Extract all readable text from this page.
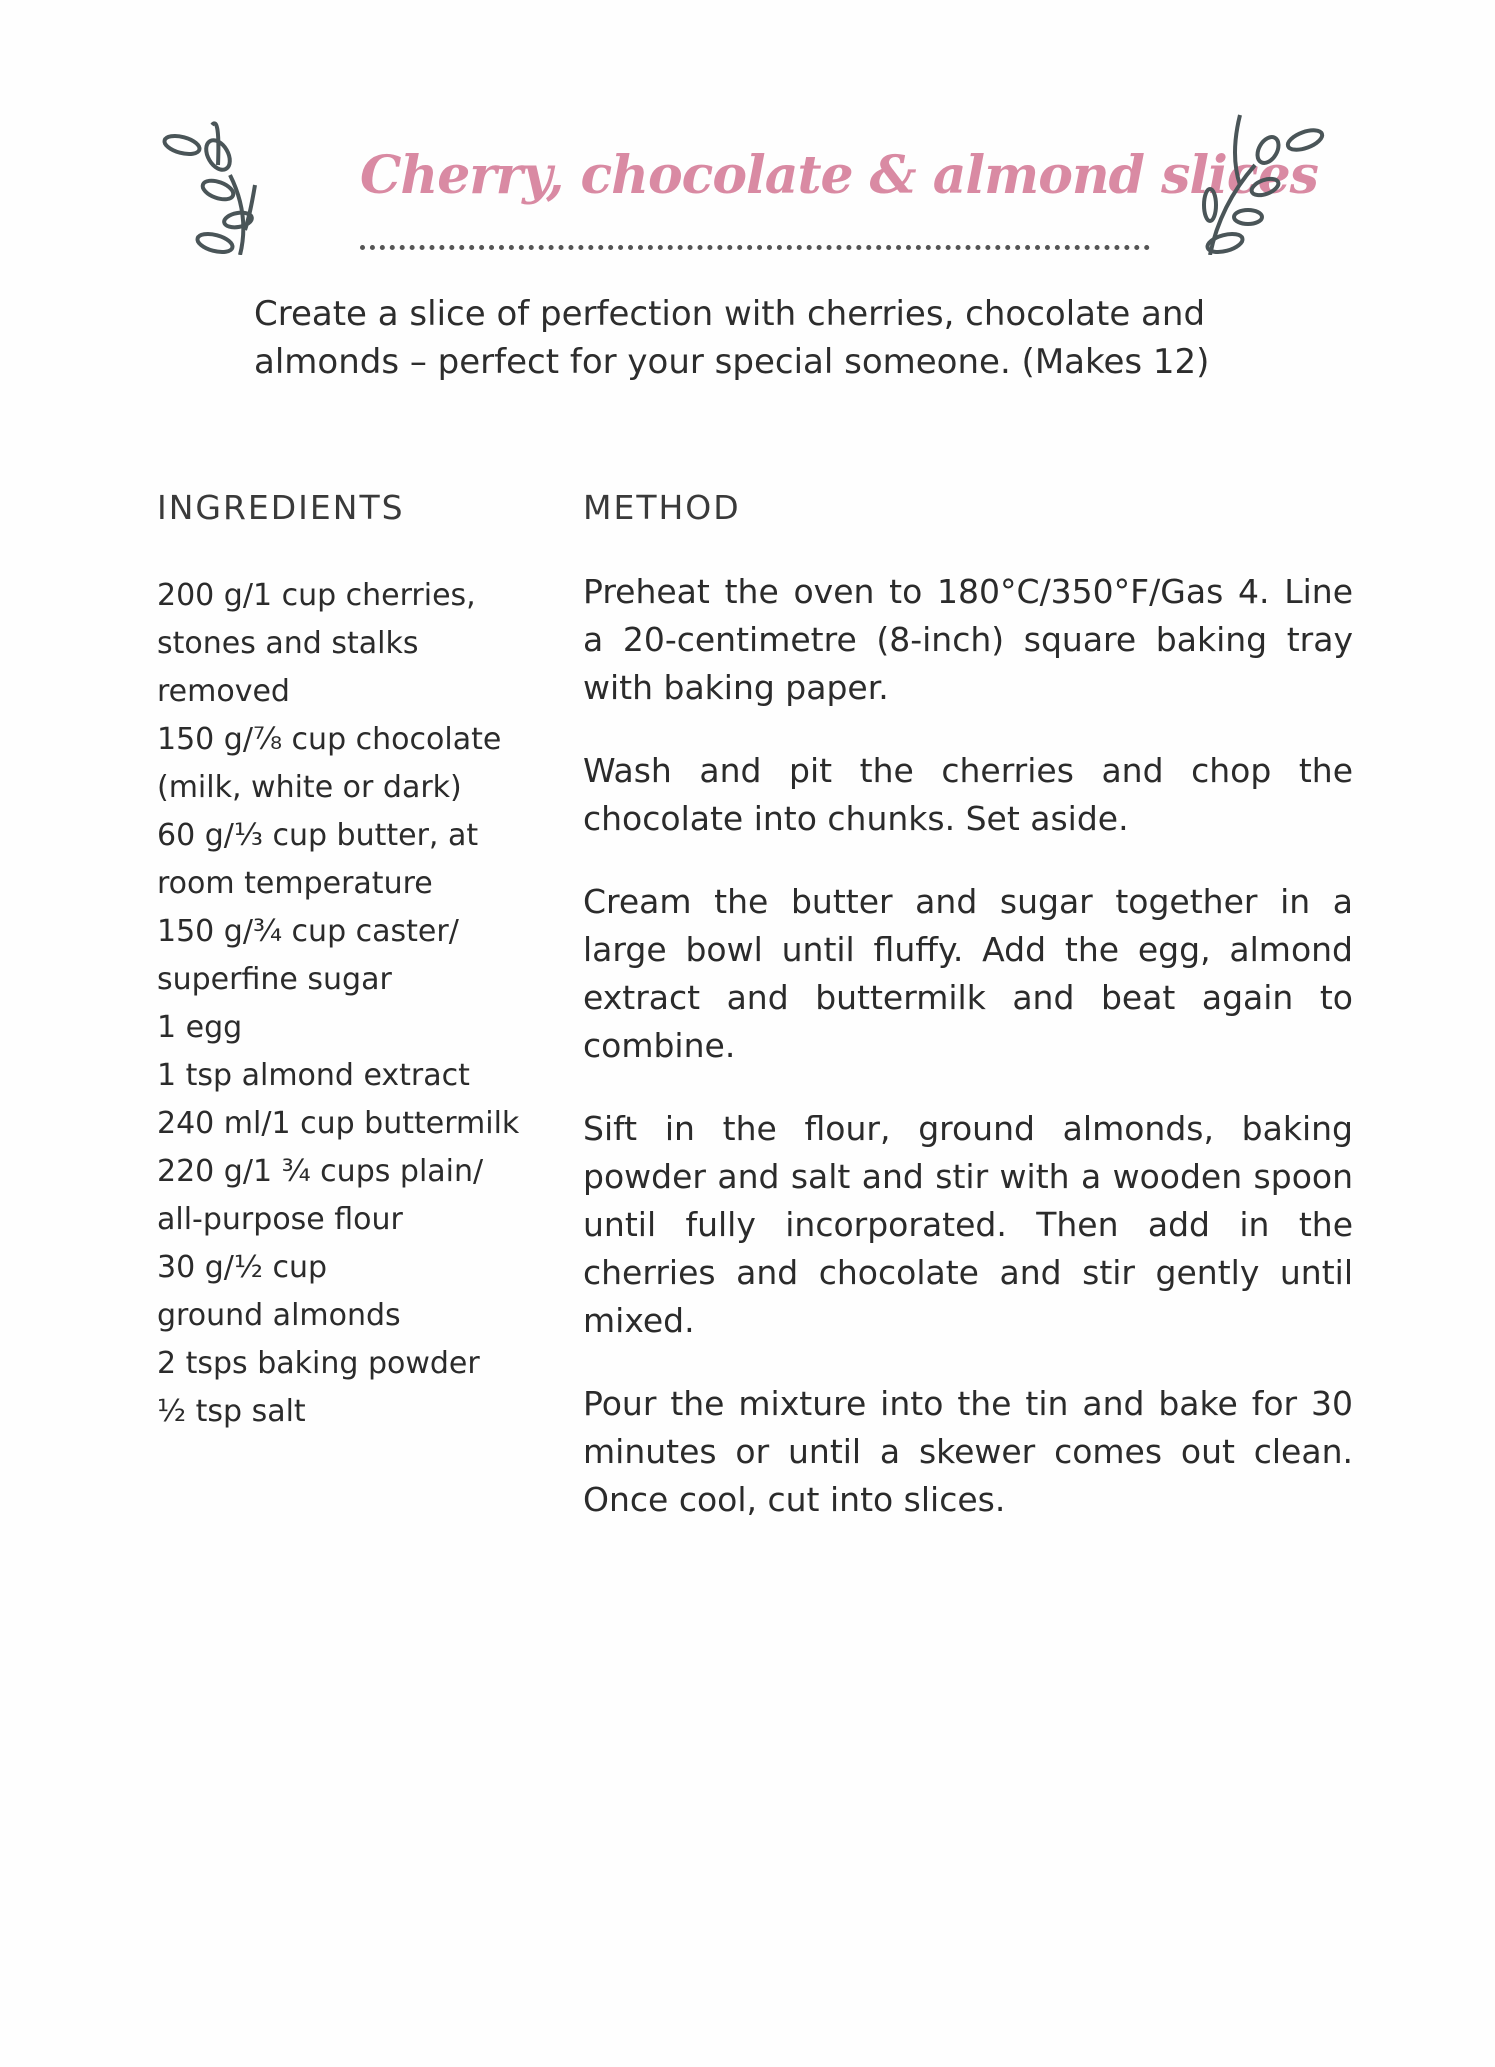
Cherry, chocolate & almond slices
Create a slice of perfection with cherries, chocolate and
almonds – perfect for your special someone. (Makes 12)
INGREDIENTS	METHOD
200 g/1 cup cherries,
stones and stalks
removed
150 g/⅞ cup chocolate
(milk, white or dark)
60 g/⅓ cup butter, at
room temperature
150 g/¾ cup caster/
superfine sugar
1 egg
1 tsp almond extract
240 ml/1 cup buttermilk
220 g/1 ¾ cups plain/
all-purpose flour
30 g/½ cup
ground almonds
2 tsps baking powder
½ tsp salt

Preheat the oven to 180°C/350°F/Gas 4. Line a 20-centimetre (8-inch) square baking tray with baking paper.

Wash and pit the cherries and chop the chocolate into chunks. Set aside.

Cream the butter and sugar together in a large bowl until fluffy. Add the egg, almond extract and buttermilk and beat again to combine.

Sift in the flour, ground almonds, baking powder and salt and stir with a wooden spoon until fully incorporated. Then add in the cherries and chocolate and stir gently until mixed.

Pour the mixture into the tin and bake for 30 minutes or until a skewer comes out clean. Once cool, cut into slices.
